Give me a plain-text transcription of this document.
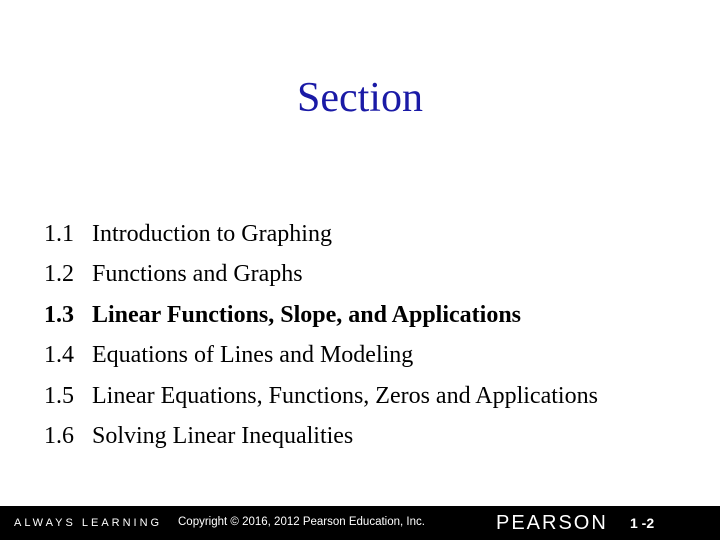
Section
1.1 Introduction to Graphing
1.2 Functions and Graphs
1.3 Linear Functions, Slope, and Applications
1.4 Equations of Lines and Modeling
1.5 Linear Equations, Functions, Zeros and Applications
1.6 Solving Linear Inequalities
ALWAYS LEARNING Copyright © 2016, 2012 Pearson Education, Inc.	PEARSON 1 -2
